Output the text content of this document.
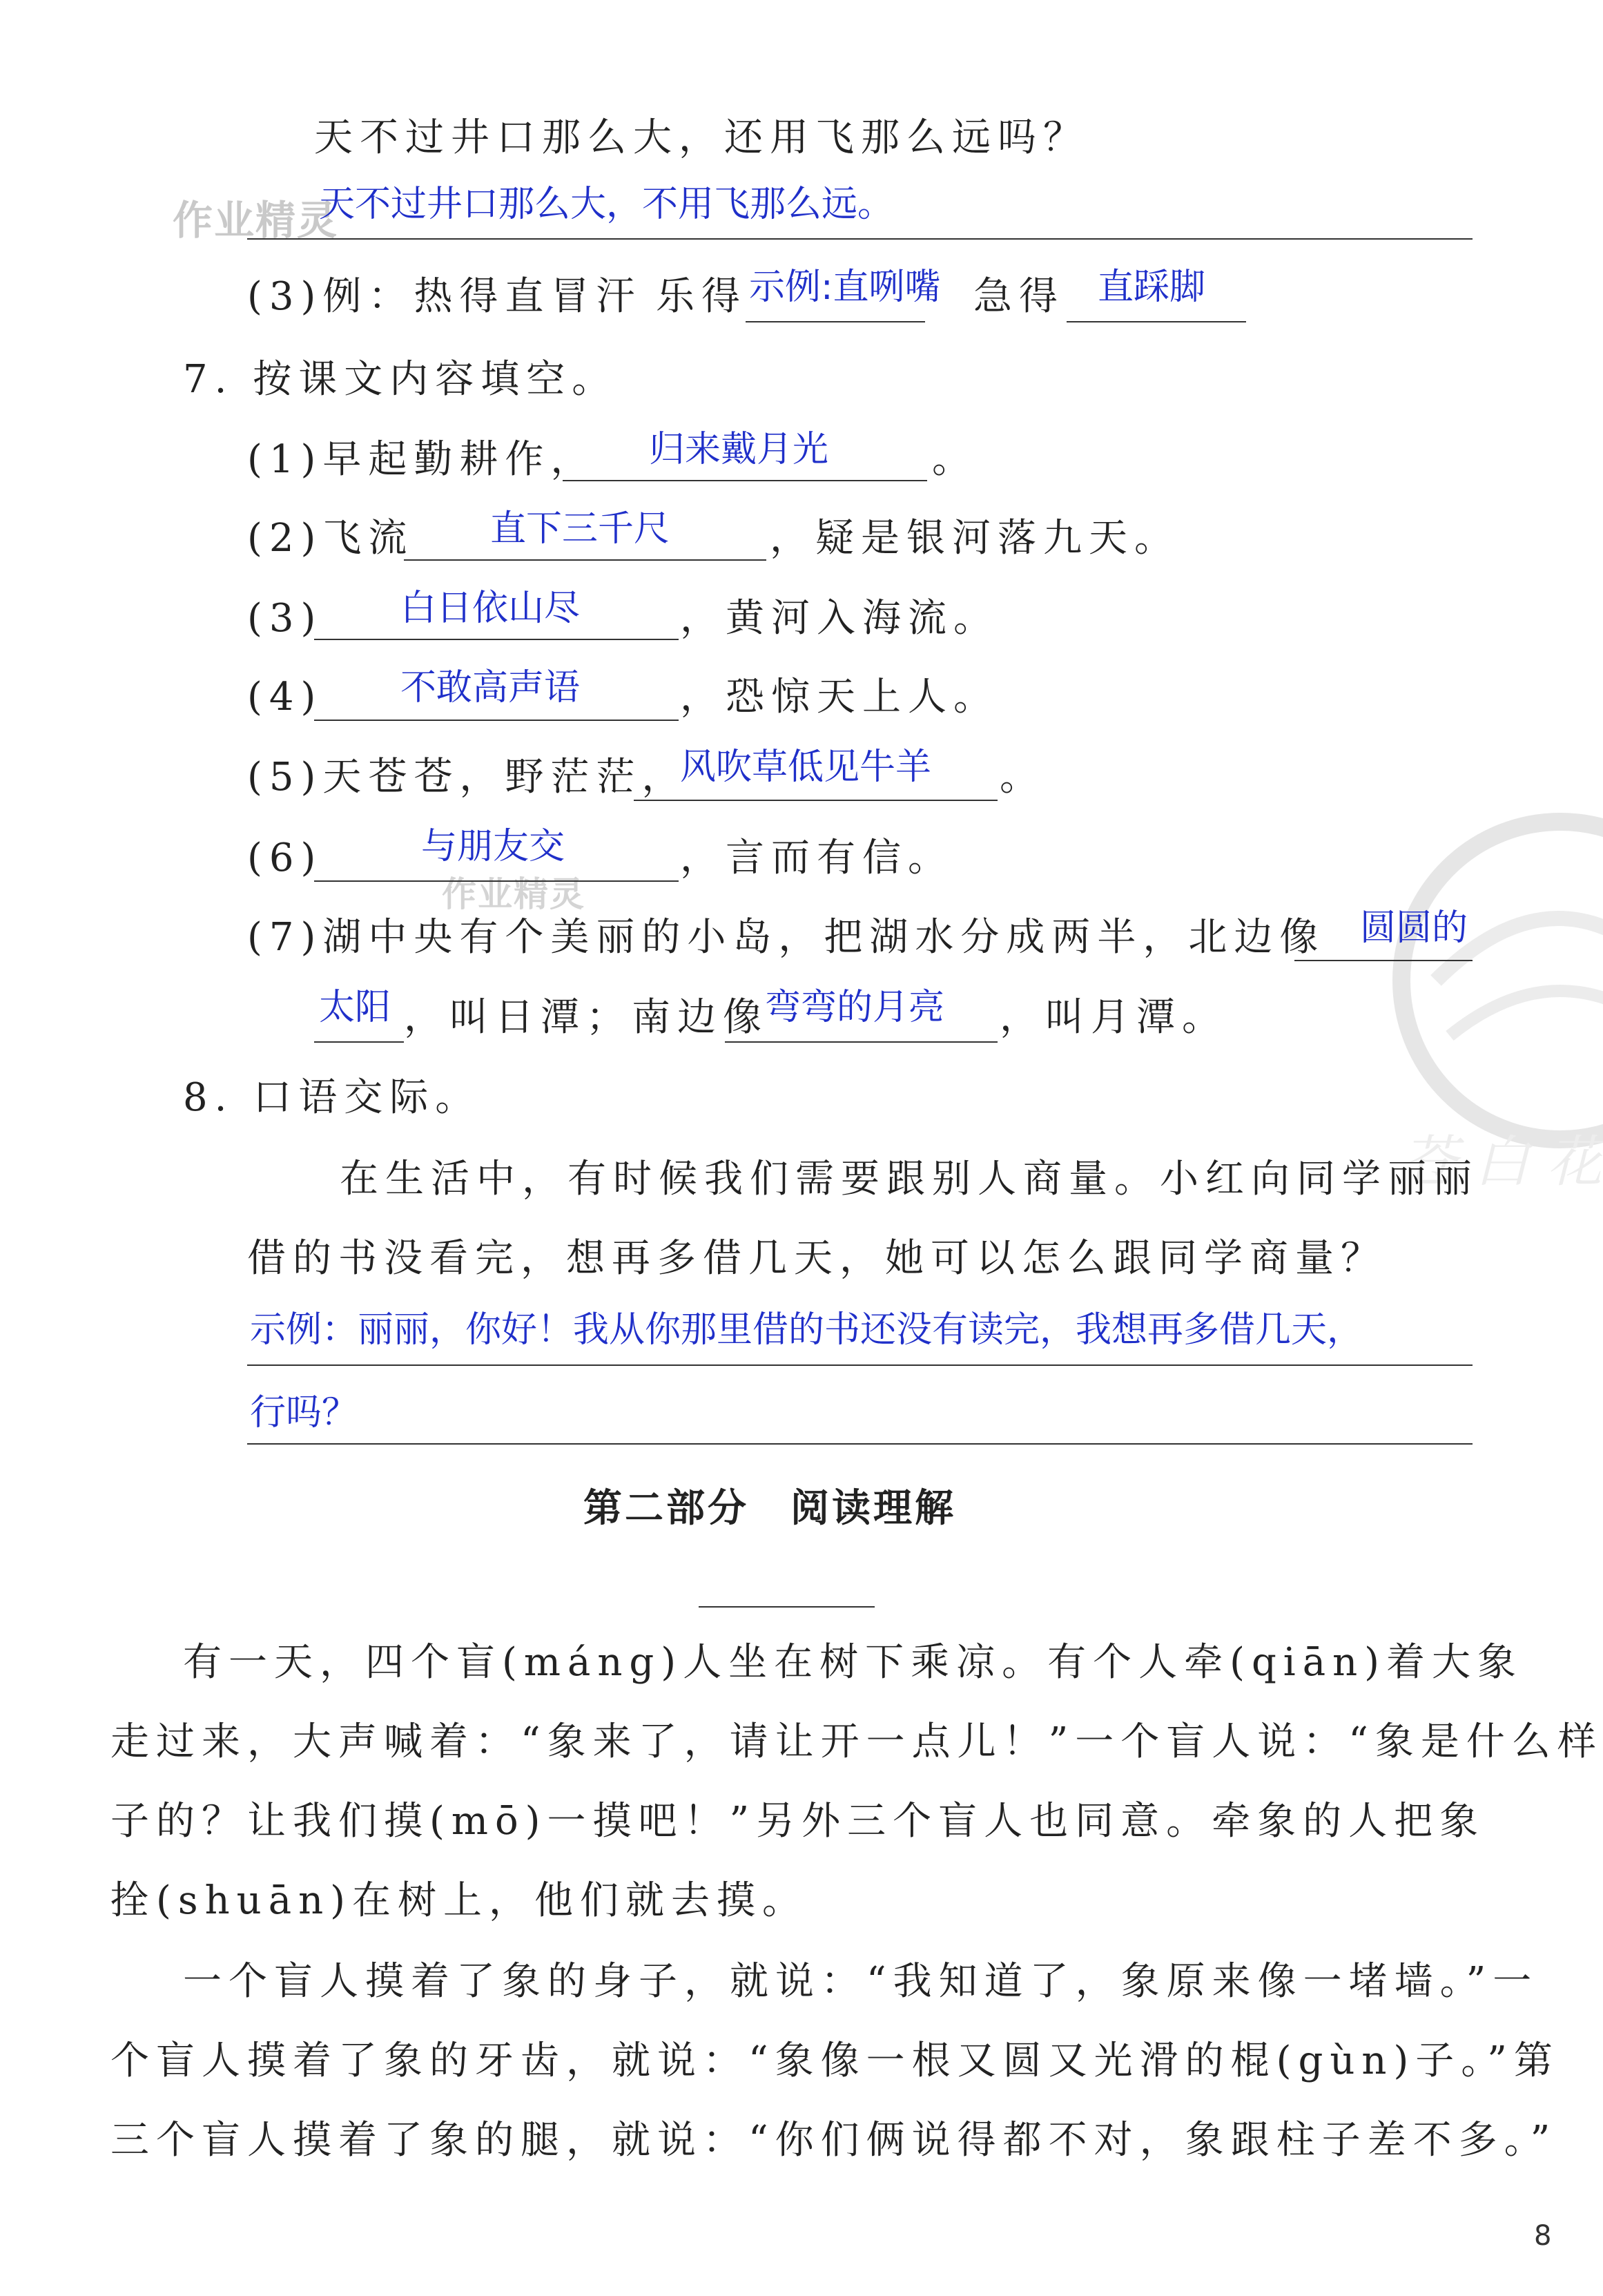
苍 白 花
天不过井口那么大，还用飞那么远吗？
作业精灵
天不过井口那么大，不用飞那么远。
(3)例：热得直冒汗 乐得 示例:直咧嘴 急得 直踩脚
7. 按课文内容填空。
(1)早起勤耕作， 归来戴月光	。
(2)飞流 直下三千尺	，疑是银河落九天。
(3) 白日依山尽	，黄河入海流。
(4) 不敢高声语	，恐惊天上人。
(5)天苍苍，野茫茫，
风吹草低见牛羊 。
(6)	与朋友交
作业精灵
，言而有信。
(7)湖中央有个美丽的小岛，把湖水分成两半，北边像 圆圆的
太阳 ，叫日潭；南边像
弯弯的月亮 ，叫月潭。
8. 口语交际。
在生活中，有时候我们需要跟别人商量。小红向同学丽丽
借的书没看完，想再多借几天，她可以怎么跟同学商量？
示例：丽丽，你好！我从你那里借的书还没有读完，我想再多借几天，
行吗？
第二部分　阅读理解
有一天，四个盲(máng)人坐在树下乘凉。有个人牵(qiān)着大象
走过来，大声喊着：“象来了，请让开一点儿！”一个盲人说：“象是什么样
子的？让我们摸(mō)一摸吧！”另外三个盲人也同意。牵象的人把象
拴(shuān)在树上，他们就去摸。
一个盲人摸着了象的身子，就说：“我知道了，象原来像一堵墙。”一
个盲人摸着了象的牙齿，就说：“象像一根又圆又光滑的棍(gùn)子。”第
三个盲人摸着了象的腿，就说：“你们俩说得都不对，象跟柱子差不多。”
8
